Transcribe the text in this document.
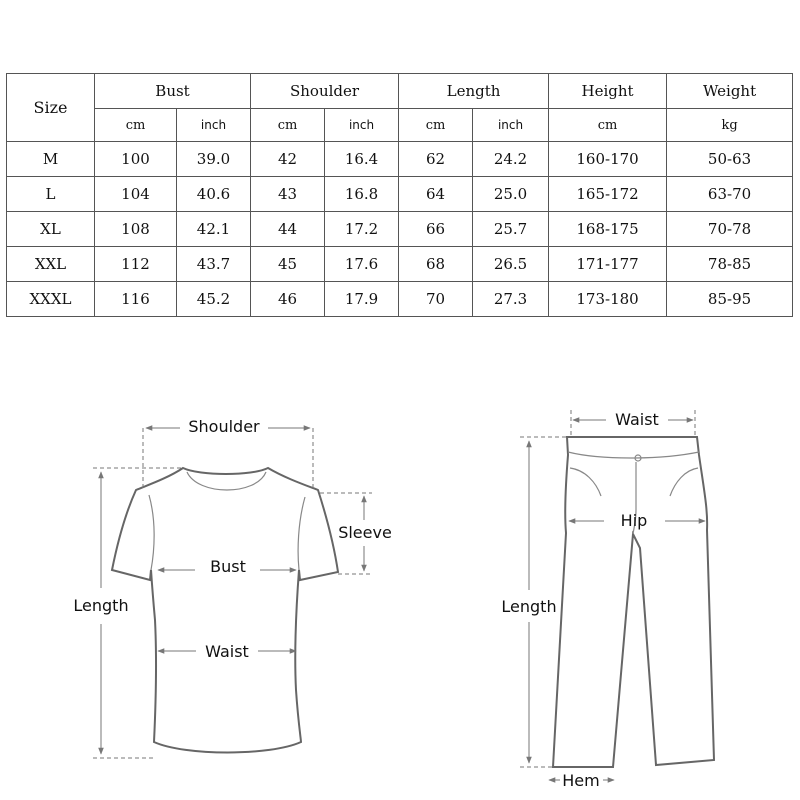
Size	Bust		Shoulder		Length		Height	Weight
	cm	inch	cm	inch	cm	inch	cm	kg
M	100	39.0	42	16.4	62	24.2	160-170	50-63
L	104	40.6	43	16.8	64	25.0	165-172	63-70
XL	108	42.1	44	17.2	66	25.7	168-175	70-78
XXL	112	43.7	45	17.6	68	26.5	171-177	78-85
XXXL	116	45.2	46	17.9	70	27.3	173-180	85-95
Shoulder
Sleeve
Bust
Waist
Length
Waist
Hip
Length
Hem
